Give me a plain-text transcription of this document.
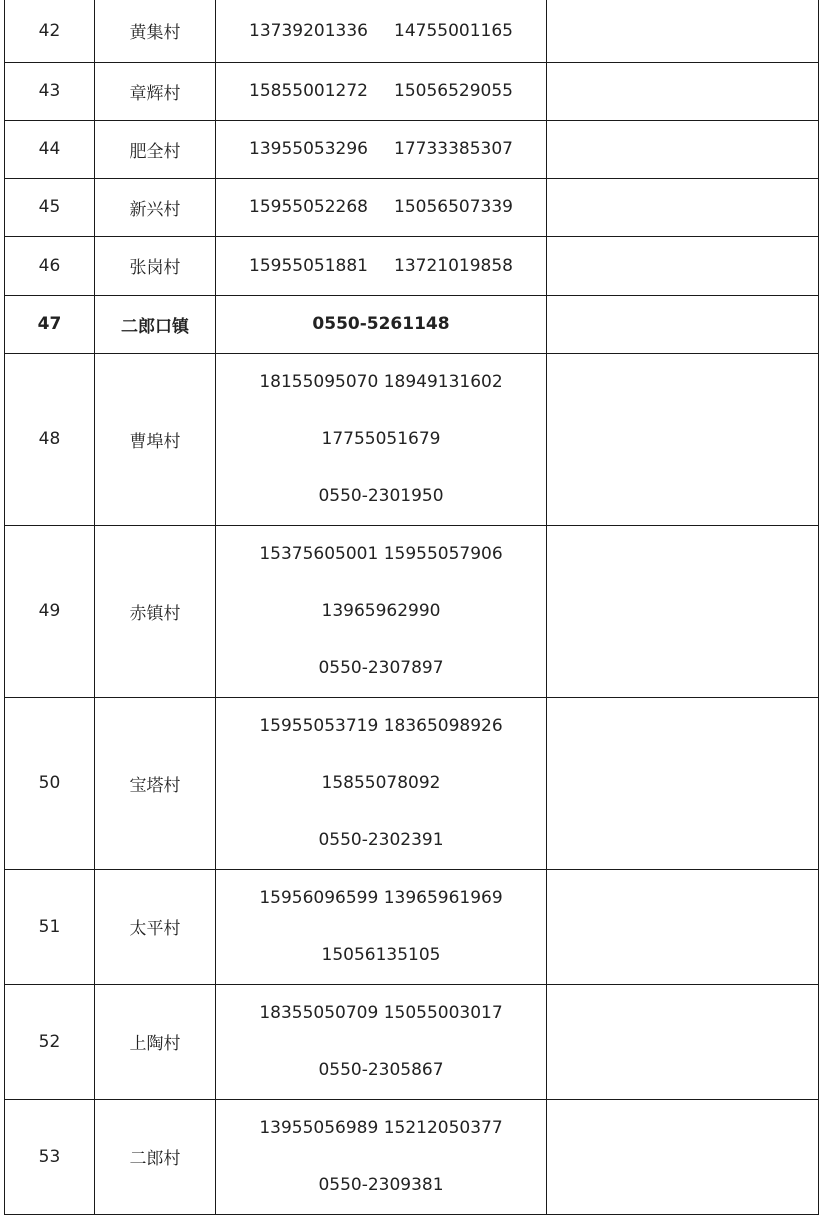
42	黄集村	13739201336 14755001165	

43	章辉村	15855001272 15056529055	

44	肥全村	13955053296 17733385307	

45	新兴村	15955052268 15056507339	

46	张岗村	15955051881 13721019858	

47	二郎口镇	0550-5261148	

48	曹埠村	18155095070 18949131602
17755051679
0550-2301950	

49	赤镇村	15375605001 15955057906
13965962990
0550-2307897	

50	宝塔村	15955053719 18365098926
15855078092
0550-2302391	

51	太平村	15956096599 13965961969
15056135105	

52	上陶村	18355050709 15055003017
0550-2305867	

53	二郎村	13955056989 15212050377
0550-2309381	
